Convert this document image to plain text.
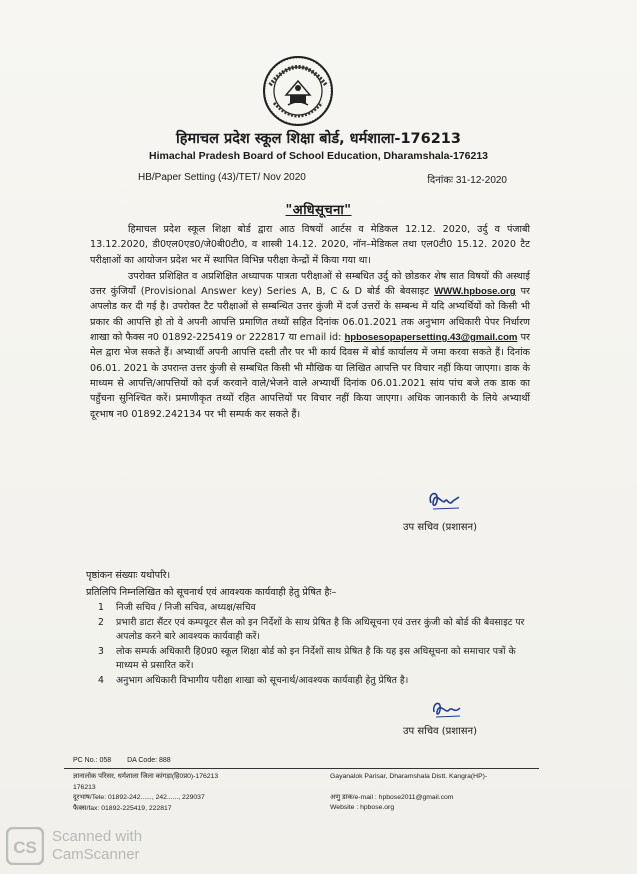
हिमाचल प्रदेश स्कूल शिक्षा बोर्ड, धर्मशाला-176213
Himachal Pradesh Board of School Education, Dharamshala-176213
HB/Paper Setting (43)/TET/ Nov 2020	दिनांकः 31-12-2020
"अधिसूचना"

हिमाचल प्रदेश स्कूल शिक्षा बोर्ड द्वारा आठ विषयों आर्टस व मेडिकल 12.12. 2020, उर्दु व पंजाबी 13.12.2020, डी0एल0एड0/जे0बी0टी0, व शास्त्री 14.12. 2020, नॉन–मेडिकल तथा एल0टी0 15.12. 2020 टैट परीक्षाओं का आयोजन प्रदेश भर में स्थापित विभिन्न परीक्षा केन्द्रों में किया गया था।

उपरोक्त प्रशिक्षित व अप्रशिक्षित अध्यापक पात्रता परीक्षाओं से सम्बधित उर्दु को छोडकर शेष सात विषयों की अस्थाई उत्तर कुंजियाँ (Provisional Answer key) Series A, B, C & D बोर्ड की बेवसाइट WWW.hpbose.org पर अपलोड कर दी गई है। उपरोक्त टैट परीक्षाओं से सम्बन्धित उत्तर कुंजी में दर्ज उत्तरों के सम्बन्ध में यदि अभ्यर्थियों को किसी भी प्रकार की आपत्ति हो तो वे अपनी आपत्ति प्रमाणित तथ्यों सहित दिनांक 06.01.2021 तक अनुभाग अधिकारी पेपर निर्धारण शाखा को फैक्स न0 01892-225419 or 222817 या email id: hpbosesopapersetting.43@gmail.com पर मेल द्वारा भेज सकते हैं। अभ्यार्थी अपनी आपत्ति दस्ती तौर पर भी कार्य दिवस में बोर्ड कार्यालय में जमा करवा सकते हैं। दिनांक 06.01. 2021 के उपरान्त उत्तर कुंजी से सम्बधित किसी भी मौखिक या लिखित आपत्ति पर विचार नहीं किया जाएगा। डाक के माध्यम से आपत्ति/आपत्तियों को दर्ज करवाने वाले/भेजने वाले अभ्यार्थी दिनांक 06.01.2021 सांय पांच बजे तक डाक का पहुँचना सुनिश्चित करें। प्रमाणीकृत तथ्यों रहित आपत्तियों पर विचार नहीं किया जाएगा। अधिक जानकारी के लिये अभ्यार्थी दूरभाष न0 01892.242134 पर भी सम्पर्क कर सकते हैं।

उप सचिव (प्रशासन)
पृष्ठांकन संख्याः यथोपरि।
प्रतिलिपि निम्नलिखित को सूचनार्थ एवं आवश्यक कार्यवाही हेतु प्रेषित हैः–
1	निजी सचिव / निजी सचिव, अध्यक्ष/सचिव
2	प्रभारी डाटा सैंटर एवं कम्पयूटर सैल को इन निर्देशों के साथ प्रेषित है कि अधिसूचना एवं उत्तर कुंजी को बोर्ड की बैवसाइट पर अपलोड करने बारे आवश्यक कार्यवाही करें।
3	लोक सम्पर्क अधिकारी हि0प्र0 स्कूल शिक्षा बोर्ड को इन निर्देशों साथ प्रेषित है कि यह इस अधिसूचना को समाचार पत्रों के माध्यम से प्रसारित करें।
4	अनुभाग अधिकारी विभागीय परीक्षा शाखा को सूचनार्थ/आवश्यक कार्यवाही हेतु प्रेषित है।
उप सचिव (प्रशासन)
PC No.: 058 DA Code: 888
ज्ञानालोक परिसर, धर्मशाला जिला कांगड़ा(हि0प्र0)-176213
176213
दूरभाष/Tele: 01892-242......, 242......, 229037
फैक्स/fax: 01892-225419, 222817
Gayanalok Parisar, Dharamshala Distt. Kangra(HP)-
अणु डाक/e-mail : hpbose2011@gmail.com
Website : hpbose.org
CS
Scanned with
CamScanner
